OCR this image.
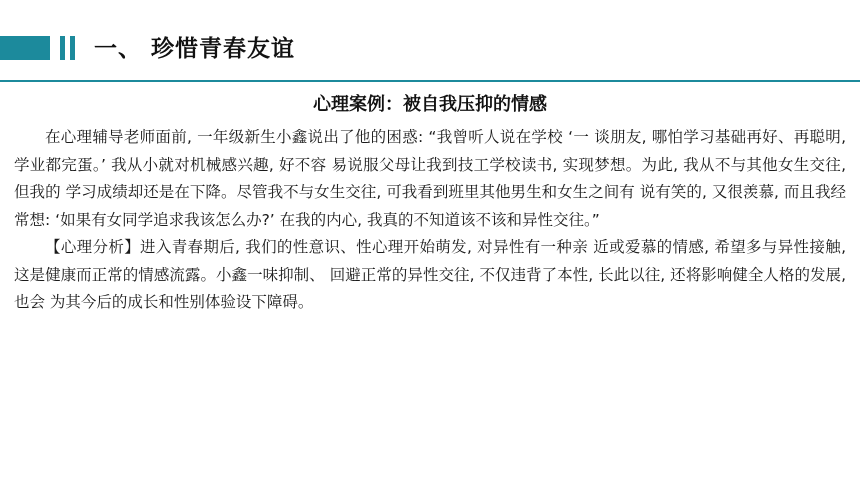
一、 珍惜青春友谊
心理案例：被自我压抑的情感

在心理辅导老师面前, 一年级新生小鑫说出了他的困惑: “我曾听人说在学校 ‘一 谈朋友, 哪怕学习基础再好、再聪明, 学业都完蛋。’ 我从小就对机械感兴趣, 好不容 易说服父母让我到技工学校读书, 实现梦想。为此, 我从不与其他女生交往, 但我的 学习成绩却还是在下降。尽管我不与女生交往, 可我看到班里其他男生和女生之间有 说有笑的, 又很羡慕, 而且我经常想: ‘如果有女同学追求我该怎么办?’ 在我的内心, 我真的不知道该不该和异性交往。”

【心理分析】进入青春期后, 我们的性意识、性心理开始萌发, 对异性有一种亲 近或爱慕的情感, 希望多与异性接触, 这是健康而正常的情感流露。小鑫一味抑制、 回避正常的异性交往, 不仅违背了本性, 长此以往, 还将影响健全人格的发展, 也会 为其今后的成长和性别体验设下障碍。
